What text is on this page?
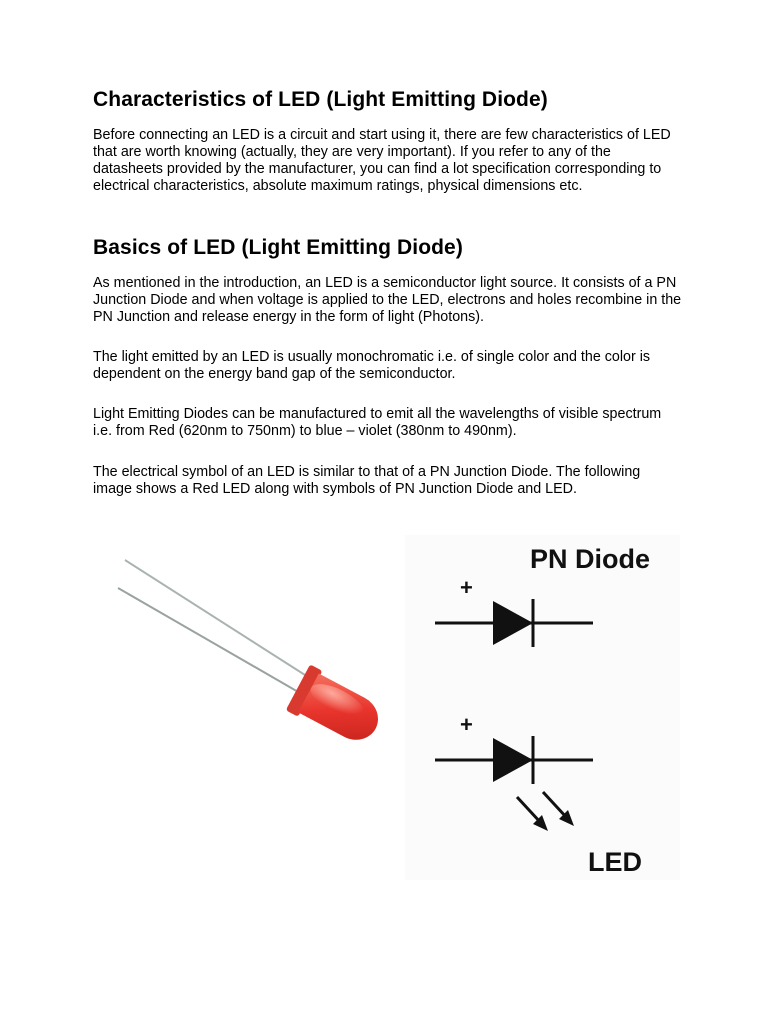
Characteristics of LED (Light Emitting Diode)

Before connecting an LED is a circuit and start using it, there are few characteristics of LED that are worth knowing (actually, they are very important). If you refer to any of the datasheets provided by the manufacturer, you can find a lot specification corresponding to electrical characteristics, absolute maximum ratings, physical dimensions etc.

Basics of LED (Light Emitting Diode)

As mentioned in the introduction, an LED is a semiconductor light source. It consists of a PN Junction Diode and when voltage is applied to the LED, electrons and holes recombine in the PN Junction and release energy in the form of light (Photons).

The light emitted by an LED is usually monochromatic i.e. of single color and the color is dependent on the energy band gap of the semiconductor.

Light Emitting Diodes can be manufactured to emit all the wavelengths of visible spectrum i.e. from Red (620nm to 750nm) to blue – violet (380nm to 490nm).

The electrical symbol of an LED is similar to that of a PN Junction Diode. The following image shows a Red LED along with symbols of PN Junction Diode and LED.

PN Diode
+
+
LED
